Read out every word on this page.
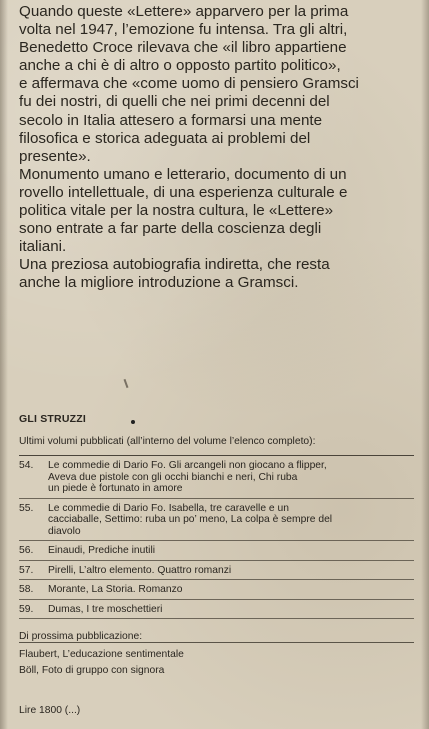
Quando queste «Lettere» apparvero per la prima

volta nel 1947, l’emozione fu intensa. Tra gli altri,

Benedetto Croce rilevava che «il libro appartiene

anche a chi è di altro o opposto partito politico»,

e affermava che «come uomo di pensiero Gramsci

fu dei nostri, di quelli che nei primi decenni del

secolo in Italia attesero a formarsi una mente

filosofica e storica adeguata ai problemi del

presente».

Monumento umano e letterario, documento di un

rovello intellettuale, di una esperienza culturale e

politica vitale per la nostra cultura, le «Lettere»

sono entrate a far parte della coscienza degli

italiani.

Una preziosa autobiografia indiretta, che resta

anche la migliore introduzione a Gramsci.

GLI STRUZZI
Ultimi volumi pubblicati (all’interno del volume l’elenco completo):
54.	Le commedie di Dario Fo. Gli arcangeli non giocano a flipper,
Aveva due pistole con gli occhi bianchi e neri, Chi ruba
un piede è fortunato in amore
55.	Le commedie di Dario Fo. Isabella, tre caravelle e un
cacciaballe, Settimo: ruba un po’ meno, La colpa è sempre del
diavolo
56.	Einaudi, Prediche inutili
57.	Pirelli, L’altro elemento. Quattro romanzi
58.	Morante, La Storia. Romanzo
59.	Dumas, I tre moschettieri
Di prossima pubblicazione:
Flaubert, L’educazione sentimentale
Böll, Foto di gruppo con signora
Lire 1800 (...)
